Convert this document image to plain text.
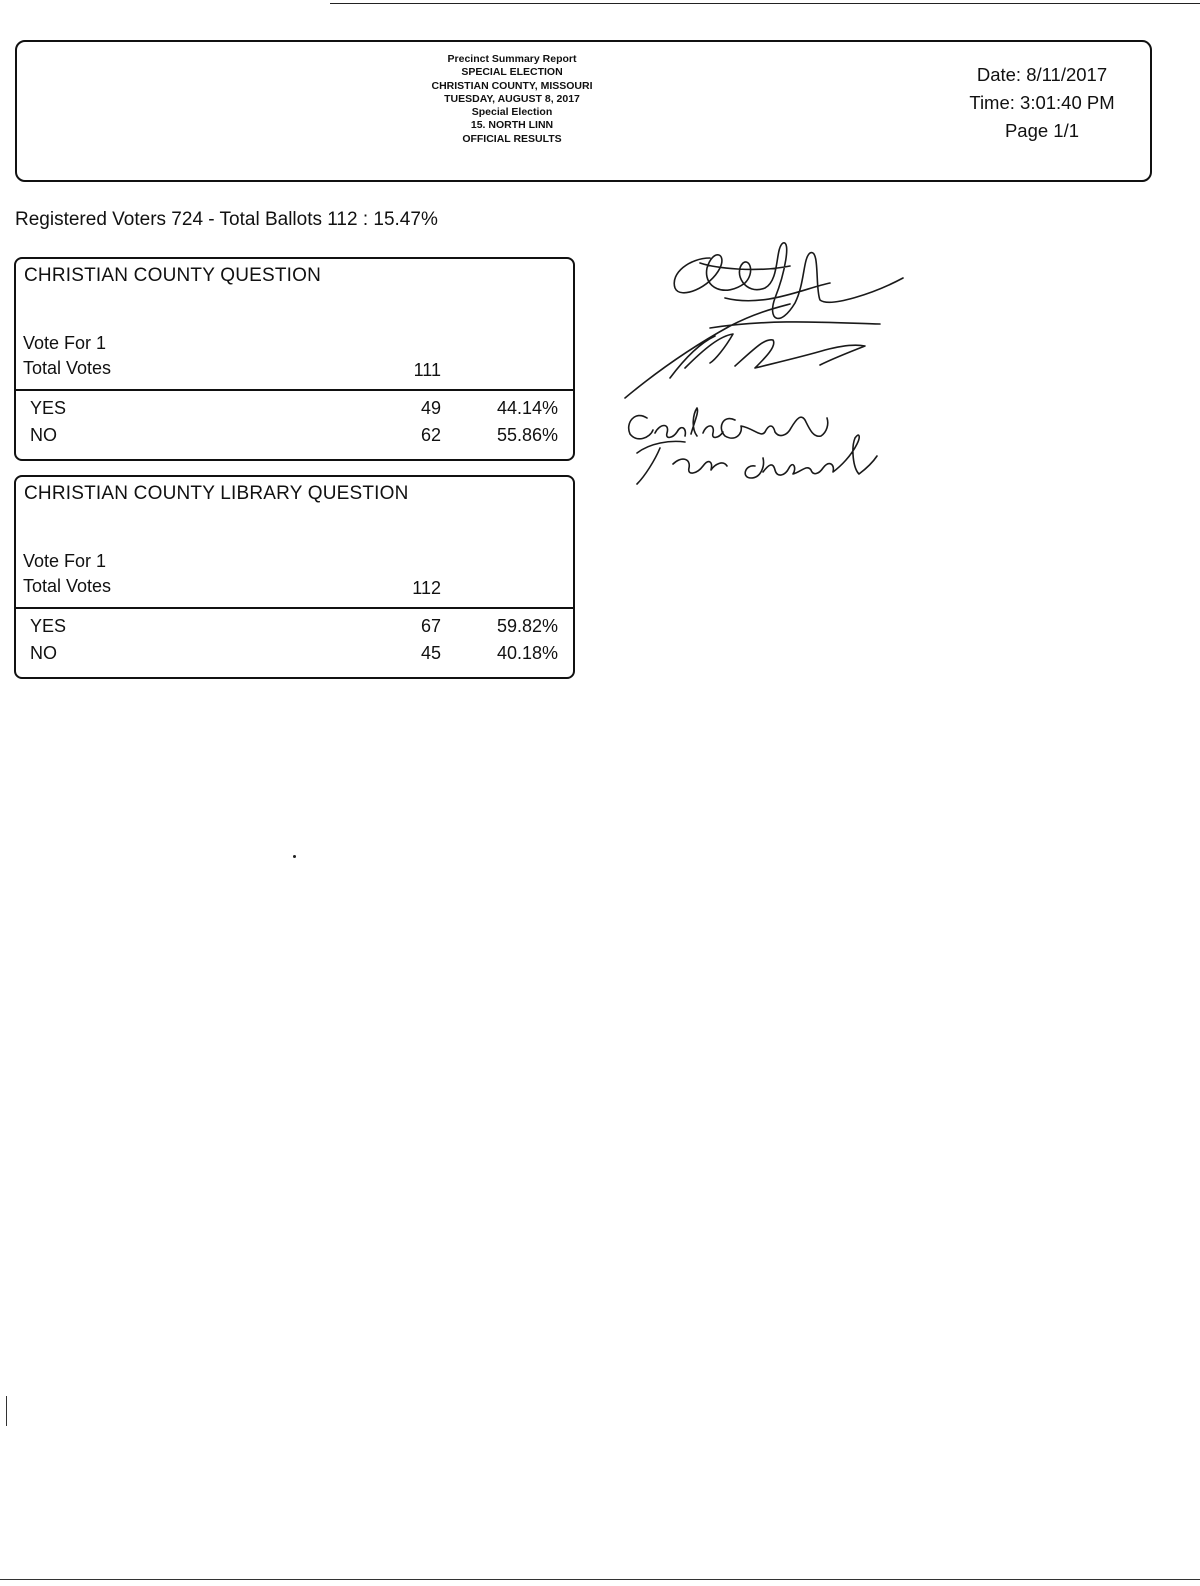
Precinct Summary Report
SPECIAL ELECTION
CHRISTIAN COUNTY, MISSOURI
TUESDAY, AUGUST 8, 2017
Special Election
15. NORTH LINN
OFFICIAL RESULTS
Date: 8/11/2017
Time: 3:01:40 PM
Page 1/1
Registered Voters 724 - Total Ballots 112 : 15.47%
CHRISTIAN COUNTY QUESTION
Vote For 1
Total Votes	111
YES	49	44.14%
NO	62	55.86%
CHRISTIAN COUNTY LIBRARY QUESTION
Vote For 1
Total Votes	112
YES	67	59.82%
NO	45	40.18%
